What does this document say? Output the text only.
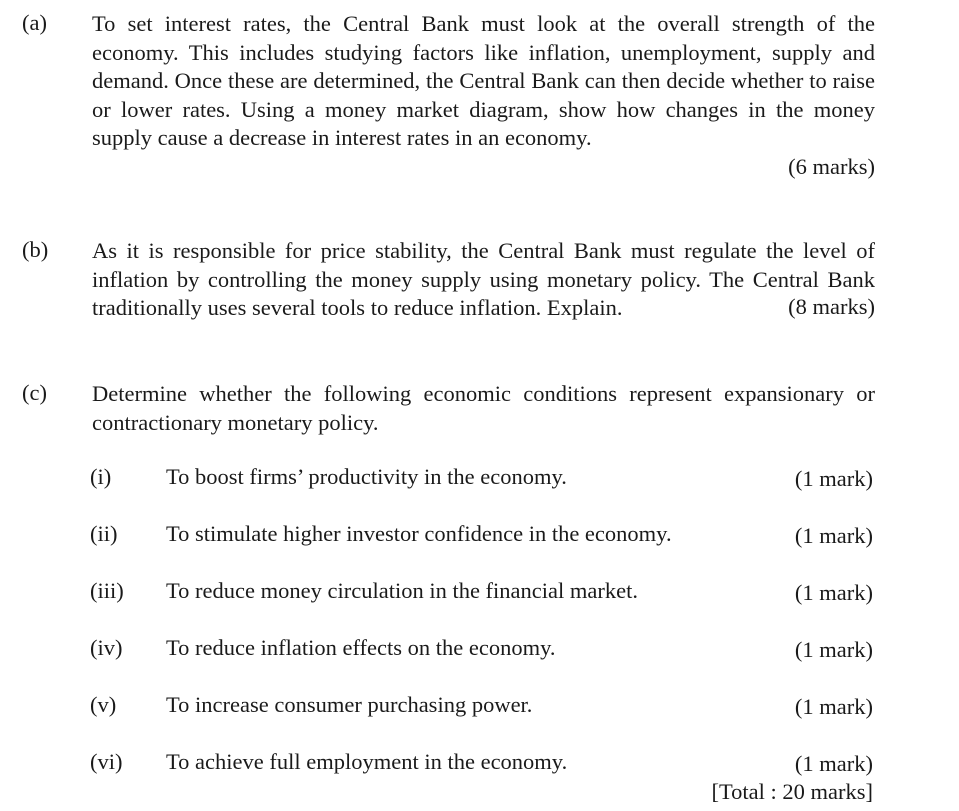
(a) To set interest rates, the Central Bank must look at the overall strength of the economy. This includes studying factors like inflation, unemployment, supply and demand. Once these are determined, the Central Bank can then decide whether to raise or lower rates. Using a money market diagram, show how changes in the money supply cause a decrease in interest rates in an economy.
(6 marks)
(b) As it is responsible for price stability, the Central Bank must regulate the level of inflation by controlling the money supply using monetary policy. The Central Bank traditionally uses several tools to reduce inflation. Explain.	(8 marks)
(c) Determine whether the following economic conditions represent expansionary or contractionary monetary policy.
(i) To boost firms’ productivity in the economy.	(1 mark)
(ii) To stimulate higher investor confidence in the economy.	(1 mark)
(iii) To reduce money circulation in the financial market.	(1 mark)
(iv) To reduce inflation effects on the economy.	(1 mark)
(v) To increase consumer purchasing power.	(1 mark)
(vi) To achieve full employment in the economy.	(1 mark)
[Total : 20 marks]
